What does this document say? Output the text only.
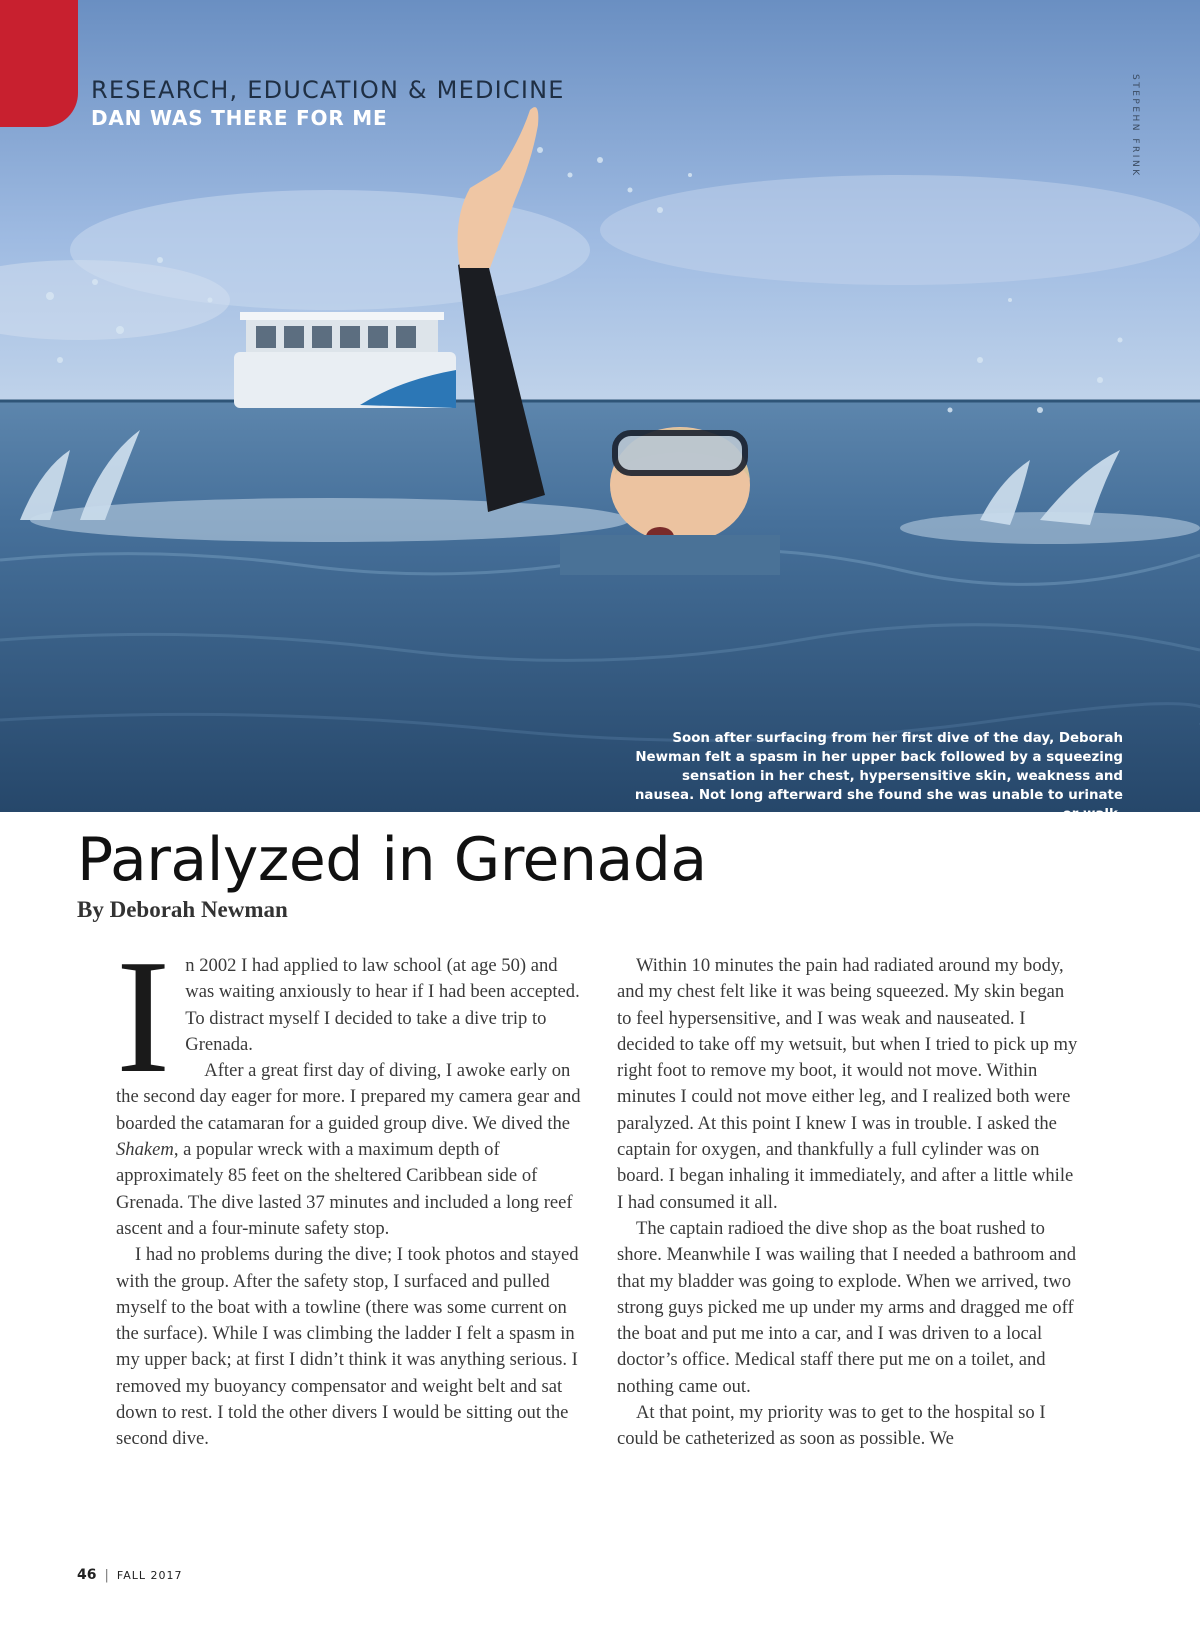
RESEARCH, EDUCATION & MEDICINE
DAN WAS THERE FOR ME	STEPEHN FRINK
Soon after surfacing from her first dive of the day, Deborah Newman felt a spasm in her upper back followed by a squeezing sensation in her chest, hypersensitive skin, weakness and nausea. Not long afterward she found she was unable to urinate or walk.
Paralyzed in Grenada
By Deborah Newman

In 2002 I had applied to law school (at age 50) and was waiting anxiously to hear if I had been accepted. To distract myself I decided to take a dive trip to Grenada.

After a great first day of diving, I awoke early on the second day eager for more. I prepared my camera gear and boarded the catamaran for a guided group dive. We dived the Shakem, a popular wreck with a maximum depth of approximately 85 feet on the sheltered Caribbean side of Grenada. The dive lasted 37 minutes and included a long reef ascent and a four-minute safety stop.

I had no problems during the dive; I took photos and stayed with the group. After the safety stop, I surfaced and pulled myself to the boat with a towline (there was some current on the surface). While I was climbing the ladder I felt a spasm in my upper back; at first I didn’t think it was anything serious. I removed my buoyancy compensator and weight belt and sat down to rest. I told the other divers I would be sitting out the second dive.

Within 10 minutes the pain had radiated around my body, and my chest felt like it was being squeezed. My skin began to feel hypersensitive, and I was weak and nauseated. I decided to take off my wetsuit, but when I tried to pick up my right foot to remove my boot, it would not move. Within minutes I could not move either leg, and I realized both were paralyzed. At this point I knew I was in trouble. I asked the captain for oxygen, and thankfully a full cylinder was on board. I began inhaling it immediately, and after a little while I had consumed it all.

The captain radioed the dive shop as the boat rushed to shore. Meanwhile I was wailing that I needed a bathroom and that my bladder was going to explode. When we arrived, two strong guys picked me up under my arms and dragged me off the boat and put me into a car, and I was driven to a local doctor’s office. Medical staff there put me on a toilet, and nothing came out.

At that point, my priority was to get to the hospital so I could be catheterized as soon as possible. We

46 | FALL 2017
